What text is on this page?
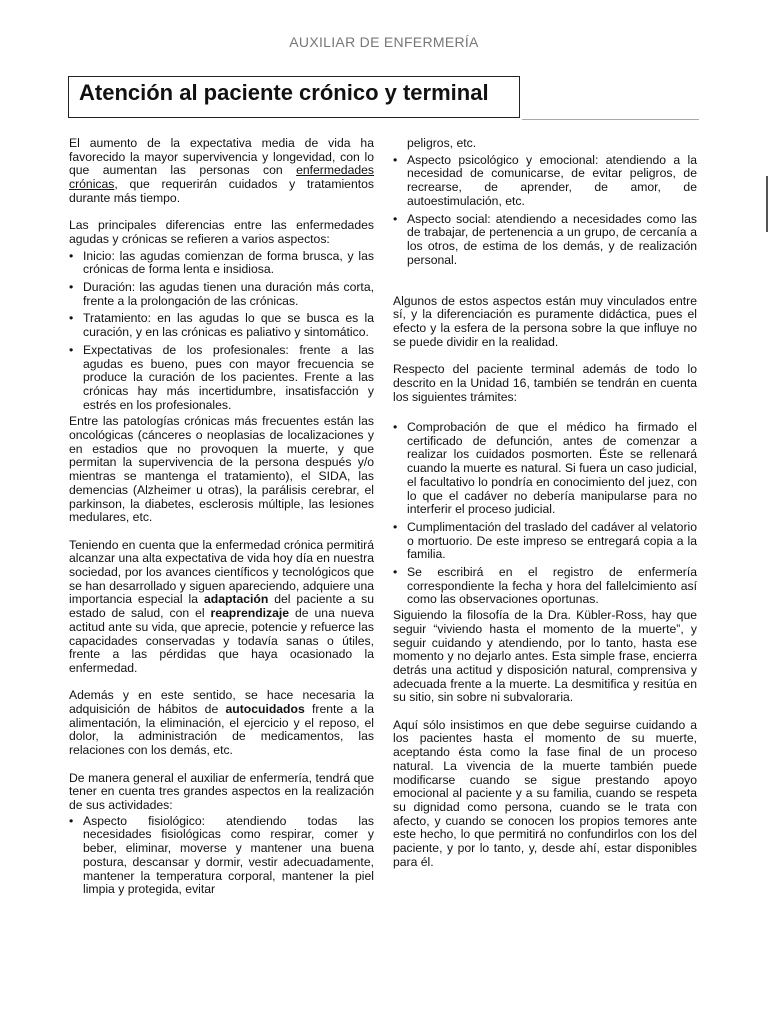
AUXILIAR DE ENFERMERÍA
Atención al paciente crónico y terminal

El aumento de la expectativa media de vida ha favorecido la mayor supervivencia y longevidad, con lo que aumentan las personas con enfermedades crónicas, que requerirán cuidados y tratamientos durante más tiempo.

Las principales diferencias entre las enfermedades agudas y crónicas se refieren a varios aspectos:

• Inicio: las agudas comienzan de forma brusca, y las crónicas de forma lenta e insidiosa.
• Duración: las agudas tienen una duración más corta, frente a la prolongación de las crónicas.
• Tratamiento: en las agudas lo que se busca es la curación, y en las crónicas es paliativo y sintomático.
• Expectativas de los profesionales: frente a las agudas es bueno, pues con mayor frecuencia se produce la curación de los pacientes. Frente a las crónicas hay más incertidumbre, insatisfacción y estrés en los profesionales.

Entre las patologías crónicas más frecuentes están las oncológicas (cánceres o neoplasias de localizaciones y en estadios que no provoquen la muerte, y que permitan la supervivencia de la persona después y/o mientras se mantenga el tratamiento), el SIDA, las demencias (Alzheimer u otras), la parálisis cerebrar, el parkinson, la diabetes, esclerosis múltiple, las lesiones medulares, etc.

Teniendo en cuenta que la enfermedad crónica permitirá alcanzar una alta expectativa de vida hoy día en nuestra sociedad, por los avances científicos y tecnológicos que se han desarrollado y siguen apareciendo, adquiere una importancia especial la adaptación del paciente a su estado de salud, con el reaprendizaje de una nueva actitud ante su vida, que aprecie, potencie y refuerce las capacidades conservadas y todavía sanas o útiles, frente a las pérdidas que haya ocasionado la enfermedad.

Además y en este sentido, se hace necesaria la adquisición de hábitos de autocuidados frente a la alimentación, la eliminación, el ejercicio y el reposo, el dolor, la administración de medicamentos, las relaciones con los demás, etc.

De manera general el auxiliar de enfermería, tendrá que tener en cuenta tres grandes aspectos en la realización de sus actividades:

• Aspecto fisiológico: atendiendo todas las necesidades fisiológicas como respirar, comer y beber, eliminar, moverse y mantener una buena postura, descansar y dormir, vestir adecuadamente, mantener la temperatura corporal, mantener la piel limpia y protegida, evitar

peligros, etc.

• Aspecto psicológico y emocional: atendiendo a la necesidad de comunicarse, de evitar peligros, de recrearse, de aprender, de amor, de autoestimulación, etc.
• Aspecto social: atendiendo a necesidades como las de trabajar, de pertenencia a un grupo, de cercanía a los otros, de estima de los demás, y de realización personal.

Algunos de estos aspectos están muy vinculados entre sí, y la diferenciación es puramente didáctica, pues el efecto y la esfera de la persona sobre la que influye no se puede dividir en la realidad.

Respecto del paciente terminal además de todo lo descrito en la Unidad 16, también se tendrán en cuenta los siguientes trámites:

• Comprobación de que el médico ha firmado el certificado de defunción, antes de comenzar a realizar los cuidados posmorten. Éste se rellenará cuando la muerte es natural. Si fuera un caso judicial, el facultativo lo pondría en conocimiento del juez, con lo que el cadáver no debería manipularse para no interferir el proceso judicial.
• Cumplimentación del traslado del cadáver al velatorio o mortuorio. De este impreso se entregará copia a la familia.
• Se escribirá en el registro de enfermería correspondiente la fecha y hora del fallelcimiento así como las observaciones oportunas.

Siguiendo la filosofía de la Dra. Kübler-Ross, hay que seguir “viviendo hasta el momento de la muerte”, y seguir cuidando y atendiendo, por lo tanto, hasta ese momento y no dejarlo antes. Esta simple frase, encierra detrás una actitud y disposición natural, comprensiva y adecuada frente a la muerte. La desmitifica y resitúa en su sitio, sin sobre ni subvaloraria.

Aquí sólo insistimos en que debe seguirse cuidando a los pacientes hasta el momento de su muerte, aceptando ésta como la fase final de un proceso natural. La vivencia de la muerte también puede modificarse cuando se sigue prestando apoyo emocional al paciente y a su familia, cuando se respeta su dignidad como persona, cuando se le trata con afecto, y cuando se conocen los propios temores ante este hecho, lo que permitirá no confundirlos con los del paciente, y por lo tanto, y, desde ahí, estar disponibles para él.
